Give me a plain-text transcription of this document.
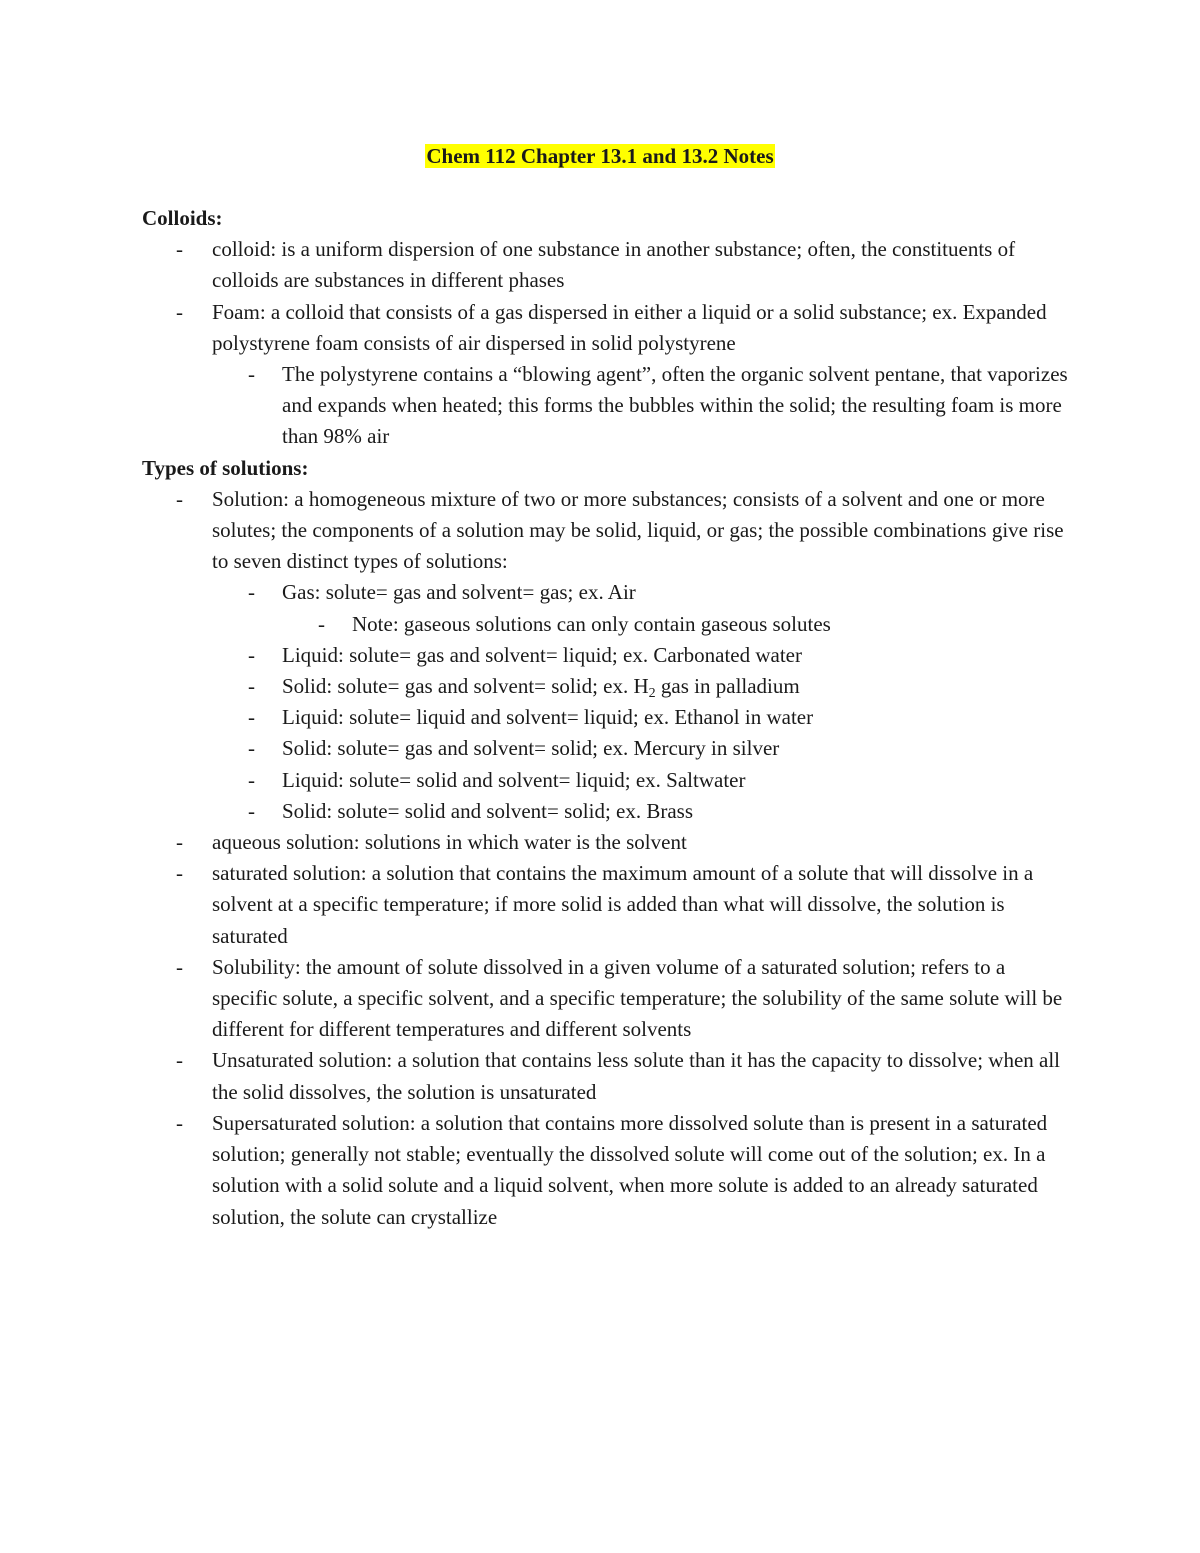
Chem 112 Chapter 13.1 and 13.2 Notes

Colloids:

- colloid: is a uniform dispersion of one substance in another substance; often, the constituents of colloids are substances in different phases
- Foam: a colloid that consists of a gas dispersed in either a liquid or a solid substance; ex. Expanded polystyrene foam consists of air dispersed in solid polystyrene
- The polystyrene contains a “blowing agent”, often the organic solvent pentane, that vaporizes and expands when heated; this forms the bubbles within the solid; the resulting foam is more than 98% air

Types of solutions:

- Solution: a homogeneous mixture of two or more substances; consists of a solvent and one or more solutes; the components of a solution may be solid, liquid, or gas; the possible combinations give rise to seven distinct types of solutions:
- Gas: solute= gas and solvent= gas; ex. Air
- Note: gaseous solutions can only contain gaseous solutes
- Liquid: solute= gas and solvent= liquid; ex. Carbonated water
- Solid: solute= gas and solvent= solid; ex. $H_2$ gas in palladium
- Liquid: solute= liquid and solvent= liquid; ex. Ethanol in water
- Solid: solute= gas and solvent= solid; ex. Mercury in silver
- Liquid: solute= solid and solvent= liquid; ex. Saltwater
- Solid: solute= solid and solvent= solid; ex. Brass
- aqueous solution: solutions in which water is the solvent
- saturated solution: a solution that contains the maximum amount of a solute that will dissolve in a solvent at a specific temperature; if more solid is added than what will dissolve, the solution is saturated
- Solubility: the amount of solute dissolved in a given volume of a saturated solution; refers to a specific solute, a specific solvent, and a specific temperature; the solubility of the same solute will be different for different temperatures and different solvents
- Unsaturated solution: a solution that contains less solute than it has the capacity to dissolve; when all the solid dissolves, the solution is unsaturated
- Supersaturated solution: a solution that contains more dissolved solute than is present in a saturated solution; generally not stable; eventually the dissolved solute will come out of the solution; ex. In a solution with a solid solute and a liquid solvent, when more solute is added to an already saturated solution, the solute can crystallize
